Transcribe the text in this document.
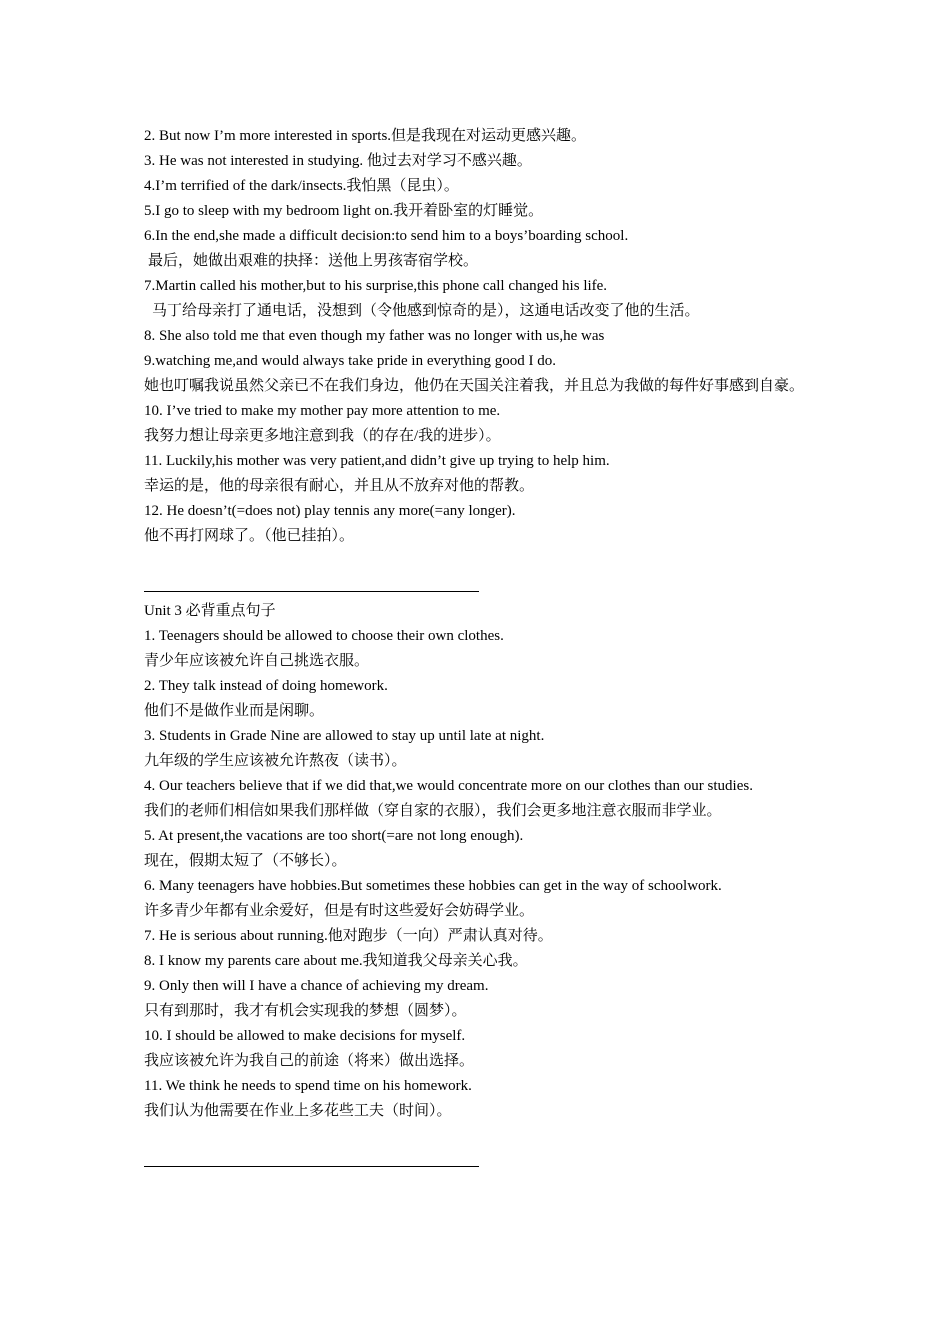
2. But now I’m more interested in sports.但是我现在对运动更感兴趣。
3. He was not interested in studying. 他过去对学习不感兴趣。
4.I’m terrified of the dark/insects.我怕黑（昆虫）。
5.I go to sleep with my bedroom light on.我开着卧室的灯睡觉。
6.In the end,she made a difficult decision:to send him to a boys’boarding school.
最后，她做出艰难的抉择：送他上男孩寄宿学校。
7.Martin called his mother,but to his surprise,this phone call changed his life.
马丁给母亲打了通电话，没想到（令他感到惊奇的是），这通电话改变了他的生活。
8. She also told me that even though my father was no longer with us,he was
9.watching me,and would always take pride in everything good I do.
她也叮嘱我说虽然父亲已不在我们身边，他仍在天国关注着我，并且总为我做的每件好事感到自豪。
10. I’ve tried to make my mother pay more attention to me.
我努力想让母亲更多地注意到我（的存在/我的进步）。
11. Luckily,his mother was very patient,and didn’t give up trying to help him.
幸运的是，他的母亲很有耐心，并且从不放弃对他的帮教。
12. He doesn’t(=does not) play tennis any more(=any longer).
他不再打网球了。（他已挂拍）。
Unit 3 必背重点句子
1. Teenagers should be allowed to choose their own clothes.
青少年应该被允许自己挑选衣服。
2. They talk instead of doing homework.
他们不是做作业而是闲聊。
3. Students in Grade Nine are allowed to stay up until late at night.
九年级的学生应该被允许熬夜（读书）。
4. Our teachers believe that if we did that,we would concentrate more on our clothes than our studies.
我们的老师们相信如果我们那样做（穿自家的衣服），我们会更多地注意衣服而非学业。
5. At present,the vacations are too short(=are not long enough).
现在，假期太短了（不够长）。
6. Many teenagers have hobbies.But sometimes these hobbies can get in the way of schoolwork.
许多青少年都有业余爱好，但是有时这些爱好会妨碍学业。
7. He is serious about running.他对跑步（一向）严肃认真对待。
8. I know my parents care about me.我知道我父母亲关心我。
9. Only then will I have a chance of achieving my dream.
只有到那时，我才有机会实现我的梦想（圆梦）。
10. I should be allowed to make decisions for myself.
我应该被允许为我自己的前途（将来）做出选择。
11. We think he needs to spend time on his homework.
我们认为他需要在作业上多花些工夫（时间）。
